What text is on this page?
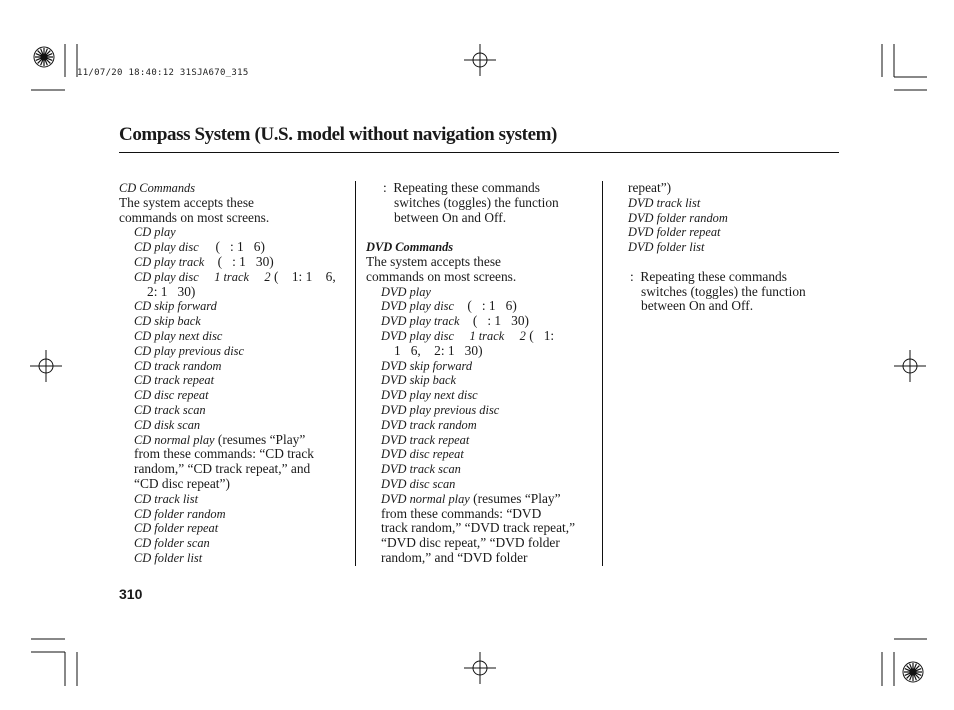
11/07/20 18:40:12 31SJA670_315
Compass System (U.S. model without navigation system)
CD Commands
The system accepts these
commands on most screens.
CD play
CD play disc     (   : 1   6)
CD play track    (   : 1   30)
CD play disc     1 track     2 (    1: 1    6,
2: 1   30)
CD skip forward
CD skip back
CD play next disc
CD play previous disc
CD track random
CD track repeat
CD disc repeat
CD track scan
CD disk scan
CD normal play (resumes “Play”
from these commands: “CD track
random,” “CD track repeat,” and
“CD disc repeat”)
CD track list
CD folder random
CD folder repeat
CD folder scan
CD folder list
:  Repeating these commands
switches (toggles) the function
between On and Off.
DVD Commands
The system accepts these
commands on most screens.
DVD play
DVD play disc    (   : 1   6)
DVD play track    (   : 1   30)
DVD play disc     1 track     2 (   1:
1   6,    2: 1   30)
DVD skip forward
DVD skip back
DVD play next disc
DVD play previous disc
DVD track random
DVD track repeat
DVD disc repeat
DVD track scan
DVD disc scan
DVD normal play (resumes “Play”
from these commands: “DVD
track random,” “DVD track repeat,”
“DVD disc repeat,” “DVD folder
random,” and “DVD folder
repeat”)
DVD track list
DVD folder random
DVD folder repeat
DVD folder list
:  Repeating these commands
switches (toggles) the function
between On and Off.
310
